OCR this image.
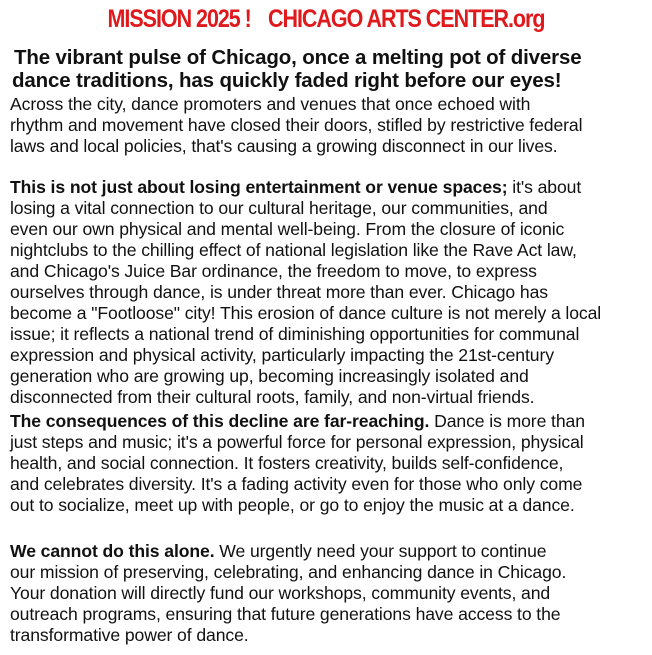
MISSION 2025 ! CHICAGO ARTS CENTER.org
The vibrant pulse of Chicago, once a melting pot of diverse
dance traditions, has quickly faded right before our eyes!
Across the city, dance promoters and venues that once echoed with
rhythm and movement have closed their doors, stifled by restrictive federal
laws and local policies, that's causing a growing disconnect in our lives.
This is not just about losing entertainment or venue spaces; it's about
losing a vital connection to our cultural heritage, our communities, and
even our own physical and mental well-being. From the closure of iconic
nightclubs to the chilling effect of national legislation like the Rave Act law,
and Chicago's Juice Bar ordinance, the freedom to move, to express
ourselves through dance, is under threat more than ever. Chicago has
become a "Footloose" city! This erosion of dance culture is not merely a local
issue; it reflects a national trend of diminishing opportunities for communal
expression and physical activity, particularly impacting the 21st-century
generation who are growing up, becoming increasingly isolated and
disconnected from their cultural roots, family, and non-virtual friends.
The consequences of this decline are far-reaching. Dance is more than
just steps and music; it's a powerful force for personal expression, physical
health, and social connection. It fosters creativity, builds self-confidence,
and celebrates diversity. It's a fading activity even for those who only come
out to socialize, meet up with people, or go to enjoy the music at a dance.
We cannot do this alone. We urgently need your support to continue
our mission of preserving, celebrating, and enhancing dance in Chicago.
Your donation will directly fund our workshops, community events, and
outreach programs, ensuring that future generations have access to the
transformative power of dance.
